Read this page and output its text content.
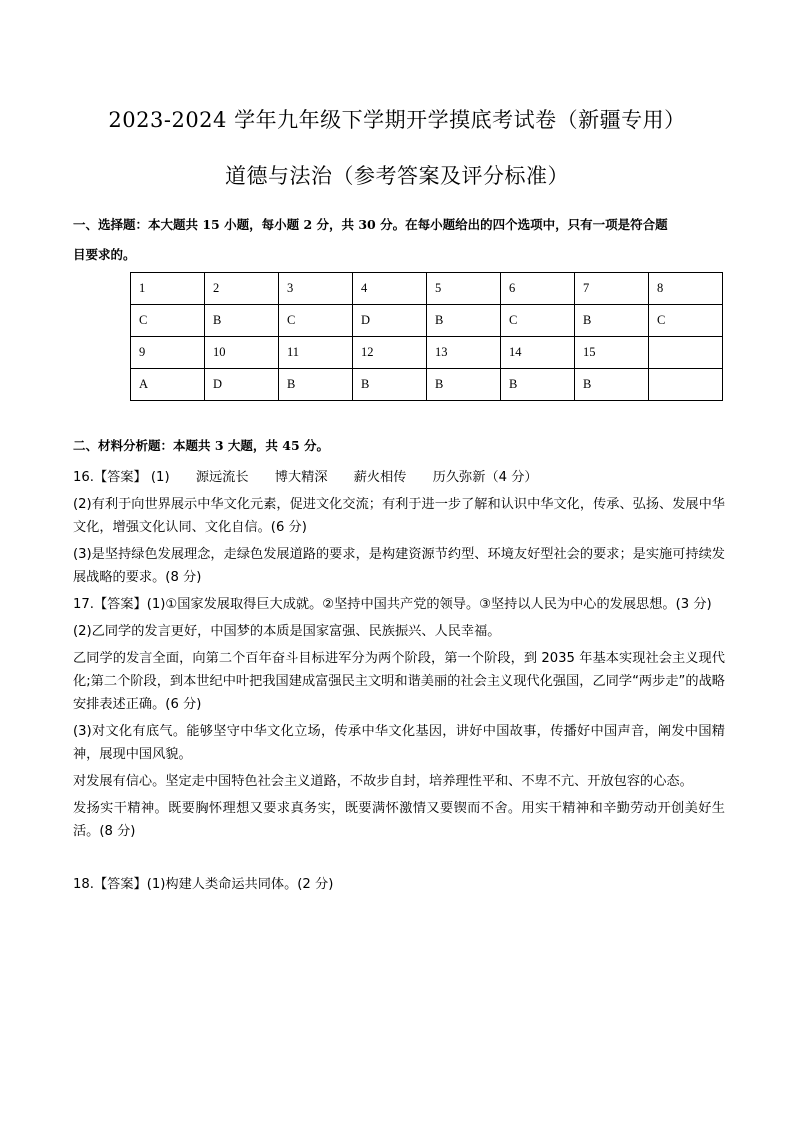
2023-2024 学年九年级下学期开学摸底考试卷（新疆专用）
道德与法治（参考答案及评分标准）
一、选择题：本大题共 15 小题，每小题 2 分，共 30 分。在每小题给出的四个选项中，只有一项是符合题
目要求的。
1	2	3	4	5	6	7	8
C	B	C	D	B	C	B	C
9	10	11	12	13	14	15	
A	D	B	B	B	B	B	
二、材料分析题：本题共 3 大题，共 45 分。
16.【答案】 (1) 源远流长 博大精深 薪火相传 历久弥新（4 分）
(2)有利于向世界展示中华文化元素，促进文化交流；有利于进一步了解和认识中华文化，传承、弘扬、发展中华文化，增强文化认同、文化自信。(6 分)
(3)是坚持绿色发展理念，走绿色发展道路的要求，是构建资源节约型、环境友好型社会的要求；是实施可持续发展战略的要求。(8 分)
17.【答案】(1)①国家发展取得巨大成就。②坚持中国共产党的领导。③坚持以人民为中心的发展思想。(3 分)
(2)乙同学的发言更好，中国梦的本质是国家富强、民族振兴、人民幸福。
乙同学的发言全面，向第二个百年奋斗目标进军分为两个阶段，第一个阶段，到 2035 年基本实现社会主义现代化;第二个阶段，到本世纪中叶把我国建成富强民主文明和谐美丽的社会主义现代化强国，乙同学“两步走”的战略安排表述正确。(6 分)
(3)对文化有底气。能够坚守中华文化立场，传承中华文化基因，讲好中国故事，传播好中国声音，阐发中国精神，展现中国风貌。
对发展有信心。坚定走中国特色社会主义道路，不故步自封，培养理性平和、不卑不亢、开放包容的心态。
发扬实干精神。既要胸怀理想又要求真务实，既要满怀激情又要锲而不舍。用实干精神和辛勤劳动开创美好生活。(8 分)
18.【答案】(1)构建人类命运共同体。(2 分)
